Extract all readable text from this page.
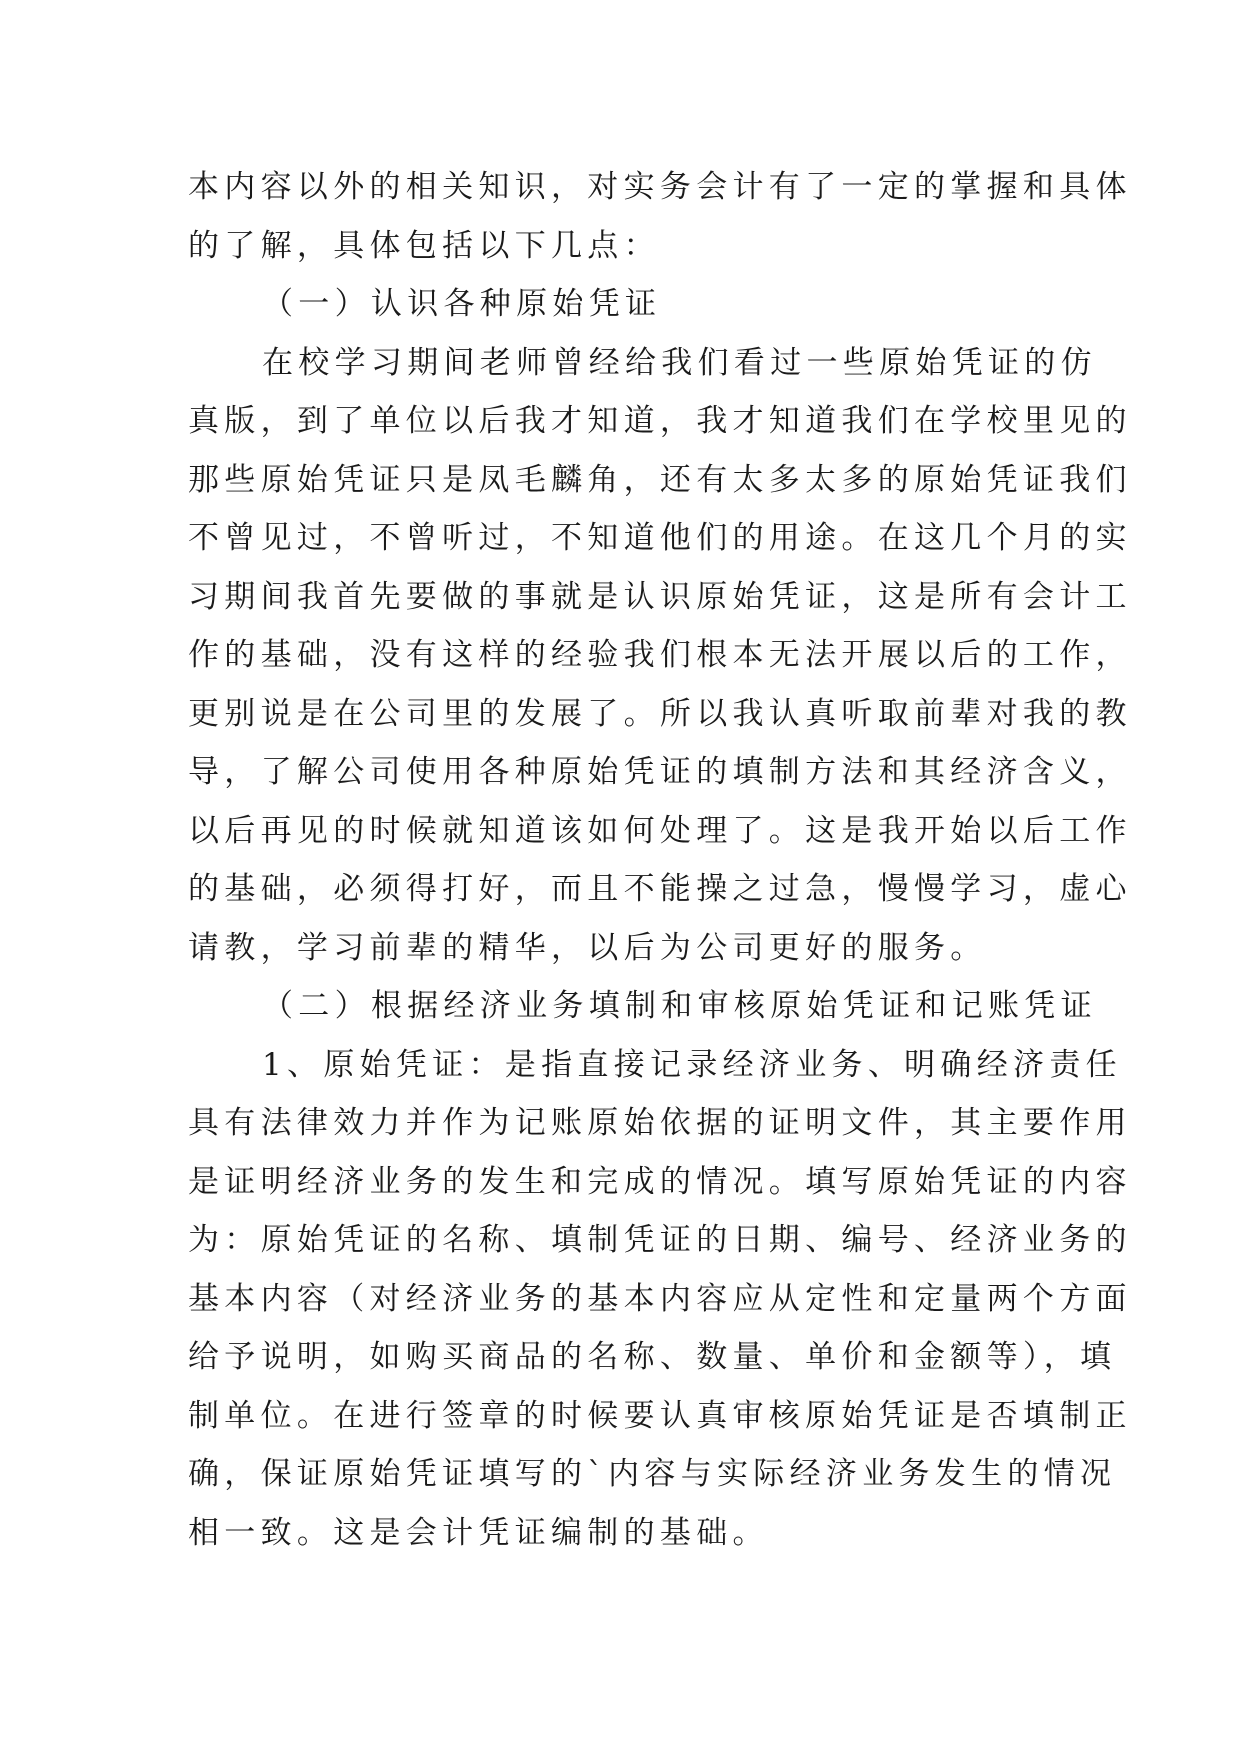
本内容以外的相关知识，对实务会计有了一定的掌握和具体
的了解，具体包括以下几点：
（一）认识各种原始凭证
在校学习期间老师曾经给我们看过一些原始凭证的仿
真版，到了单位以后我才知道，我才知道我们在学校里见的
那些原始凭证只是凤毛麟角，还有太多太多的原始凭证我们
不曾见过，不曾听过，不知道他们的用途。在这几个月的实
习期间我首先要做的事就是认识原始凭证，这是所有会计工
作的基础，没有这样的经验我们根本无法开展以后的工作，
更别说是在公司里的发展了。所以我认真听取前辈对我的教
导，了解公司使用各种原始凭证的填制方法和其经济含义，
以后再见的时候就知道该如何处理了。这是我开始以后工作
的基础，必须得打好，而且不能操之过急，慢慢学习，虚心
请教，学习前辈的精华，以后为公司更好的服务。
（二）根据经济业务填制和审核原始凭证和记账凭证
1、原始凭证：是指直接记录经济业务、明确经济责任
具有法律效力并作为记账原始依据的证明文件，其主要作用
是证明经济业务的发生和完成的情况。填写原始凭证的内容
为：原始凭证的名称、填制凭证的日期、编号、经济业务的
基本内容（对经济业务的基本内容应从定性和定量两个方面
给予说明，如购买商品的名称、数量、单价和金额等），填
制单位。在进行签章的时候要认真审核原始凭证是否填制正
确，保证原始凭证填写的`内容与实际经济业务发生的情况
相一致。这是会计凭证编制的基础。
